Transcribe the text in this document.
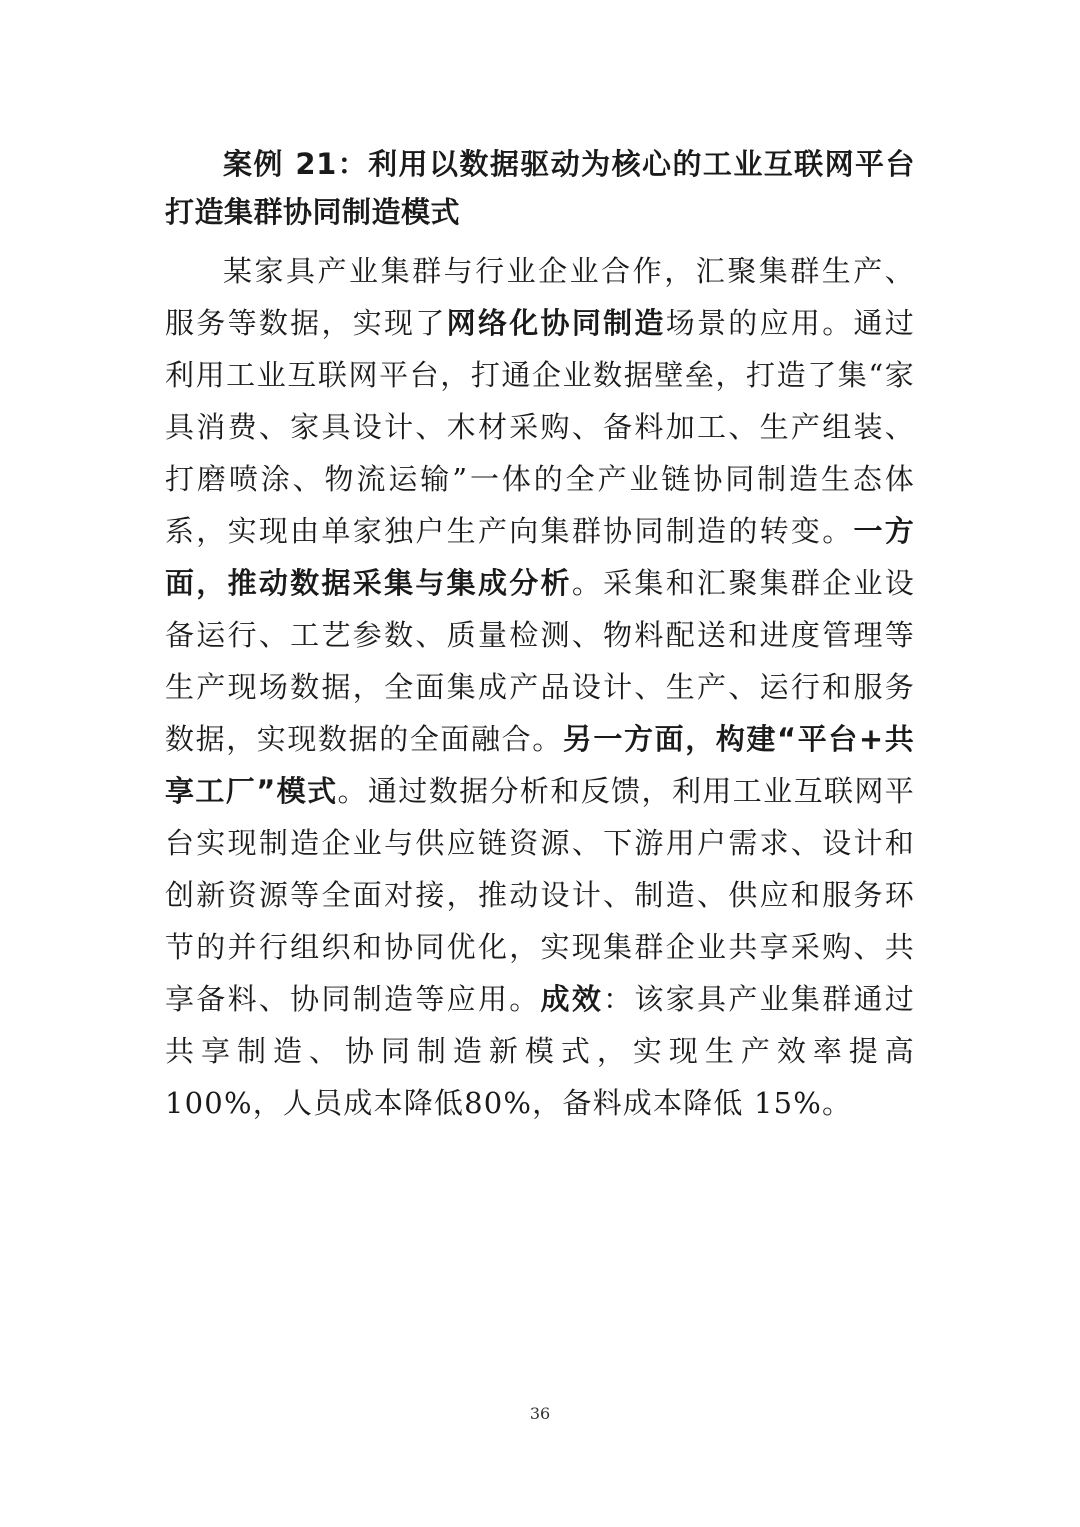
案例 21：利用以数据驱动为核心的工业互联网平台打造集群协同制造模式

某家具产业集群与行业企业合作，汇聚集群生产、服务等数据，实现了网络化协同制造场景的应用。通过利用工业互联网平台，打通企业数据壁垒，打造了集“家具消费、家具设计、木材采购、备料加工、生产组装、打磨喷涂、物流运输”一体的全产业链协同制造生态体系，实现由单家独户生产向集群协同制造的转变。一方面，推动数据采集与集成分析。采集和汇聚集群企业设备运行、工艺参数、质量检测、物料配送和进度管理等生产现场数据，全面集成产品设计、生产、运行和服务数据，实现数据的全面融合。另一方面，构建“平台+共享工厂”模式。通过数据分析和反馈，利用工业互联网平台实现制造企业与供应链资源、下游用户需求、设计和创新资源等全面对接，推动设计、制造、供应和服务环节的并行组织和协同优化，实现集群企业共享采购、共享备料、协同制造等应用。成效：该家具产业集群通过共享制造、协同制造新模式，实现生产效率提高100%，人员成本降低80%，备料成本降低 15%。

36
